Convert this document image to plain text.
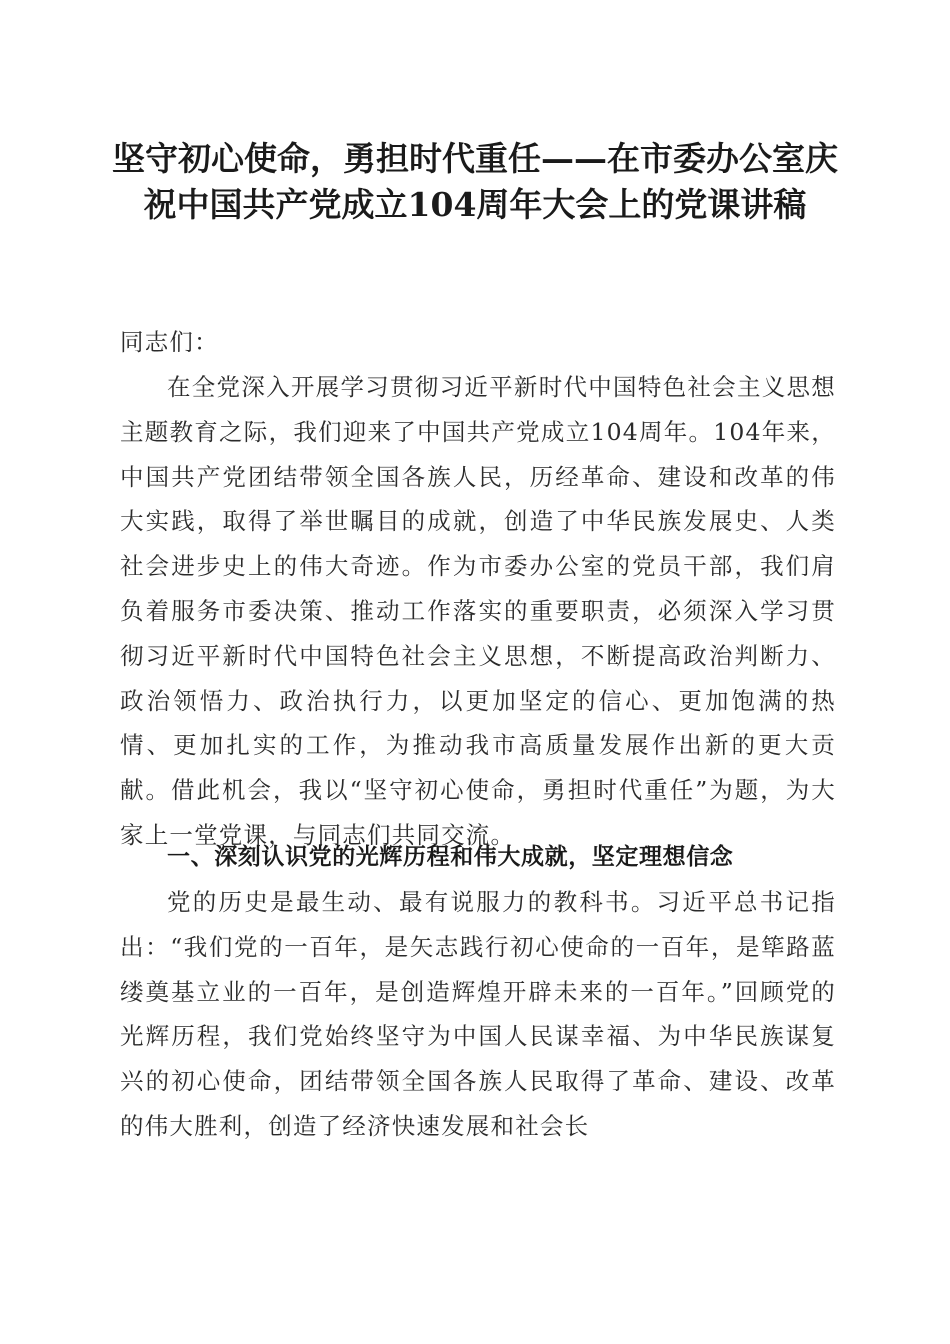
坚守初心使命，勇担时代重任——在市委办公室庆祝中国共产党成立104周年大会上的党课讲稿
同志们：
在全党深入开展学习贯彻习近平新时代中国特色社会主义思想主题教育之际，我们迎来了中国共产党成立104周年。104年来，中国共产党团结带领全国各族人民，历经革命、建设和改革的伟大实践，取得了举世瞩目的成就，创造了中华民族发展史、人类社会进步史上的伟大奇迹。作为市委办公室的党员干部，我们肩负着服务市委决策、推动工作落实的重要职责，必须深入学习贯彻习近平新时代中国特色社会主义思想，不断提高政治判断力、政治领悟力、政治执行力，以更加坚定的信心、更加饱满的热情、更加扎实的工作，为推动我市高质量发展作出新的更大贡献。借此机会，我以“坚守初心使命，勇担时代重任”为题，为大家上一堂党课，与同志们共同交流。
一、深刻认识党的光辉历程和伟大成就，坚定理想信念
党的历史是最生动、最有说服力的教科书。习近平总书记指出：“我们党的一百年，是矢志践行初心使命的一百年，是筚路蓝缕奠基立业的一百年，是创造辉煌开辟未来的一百年。”回顾党的光辉历程，我们党始终坚守为中国人民谋幸福、为中华民族谋复兴的初心使命，团结带领全国各族人民取得了革命、建设、改革的伟大胜利，创造了经济快速发展和社会长
